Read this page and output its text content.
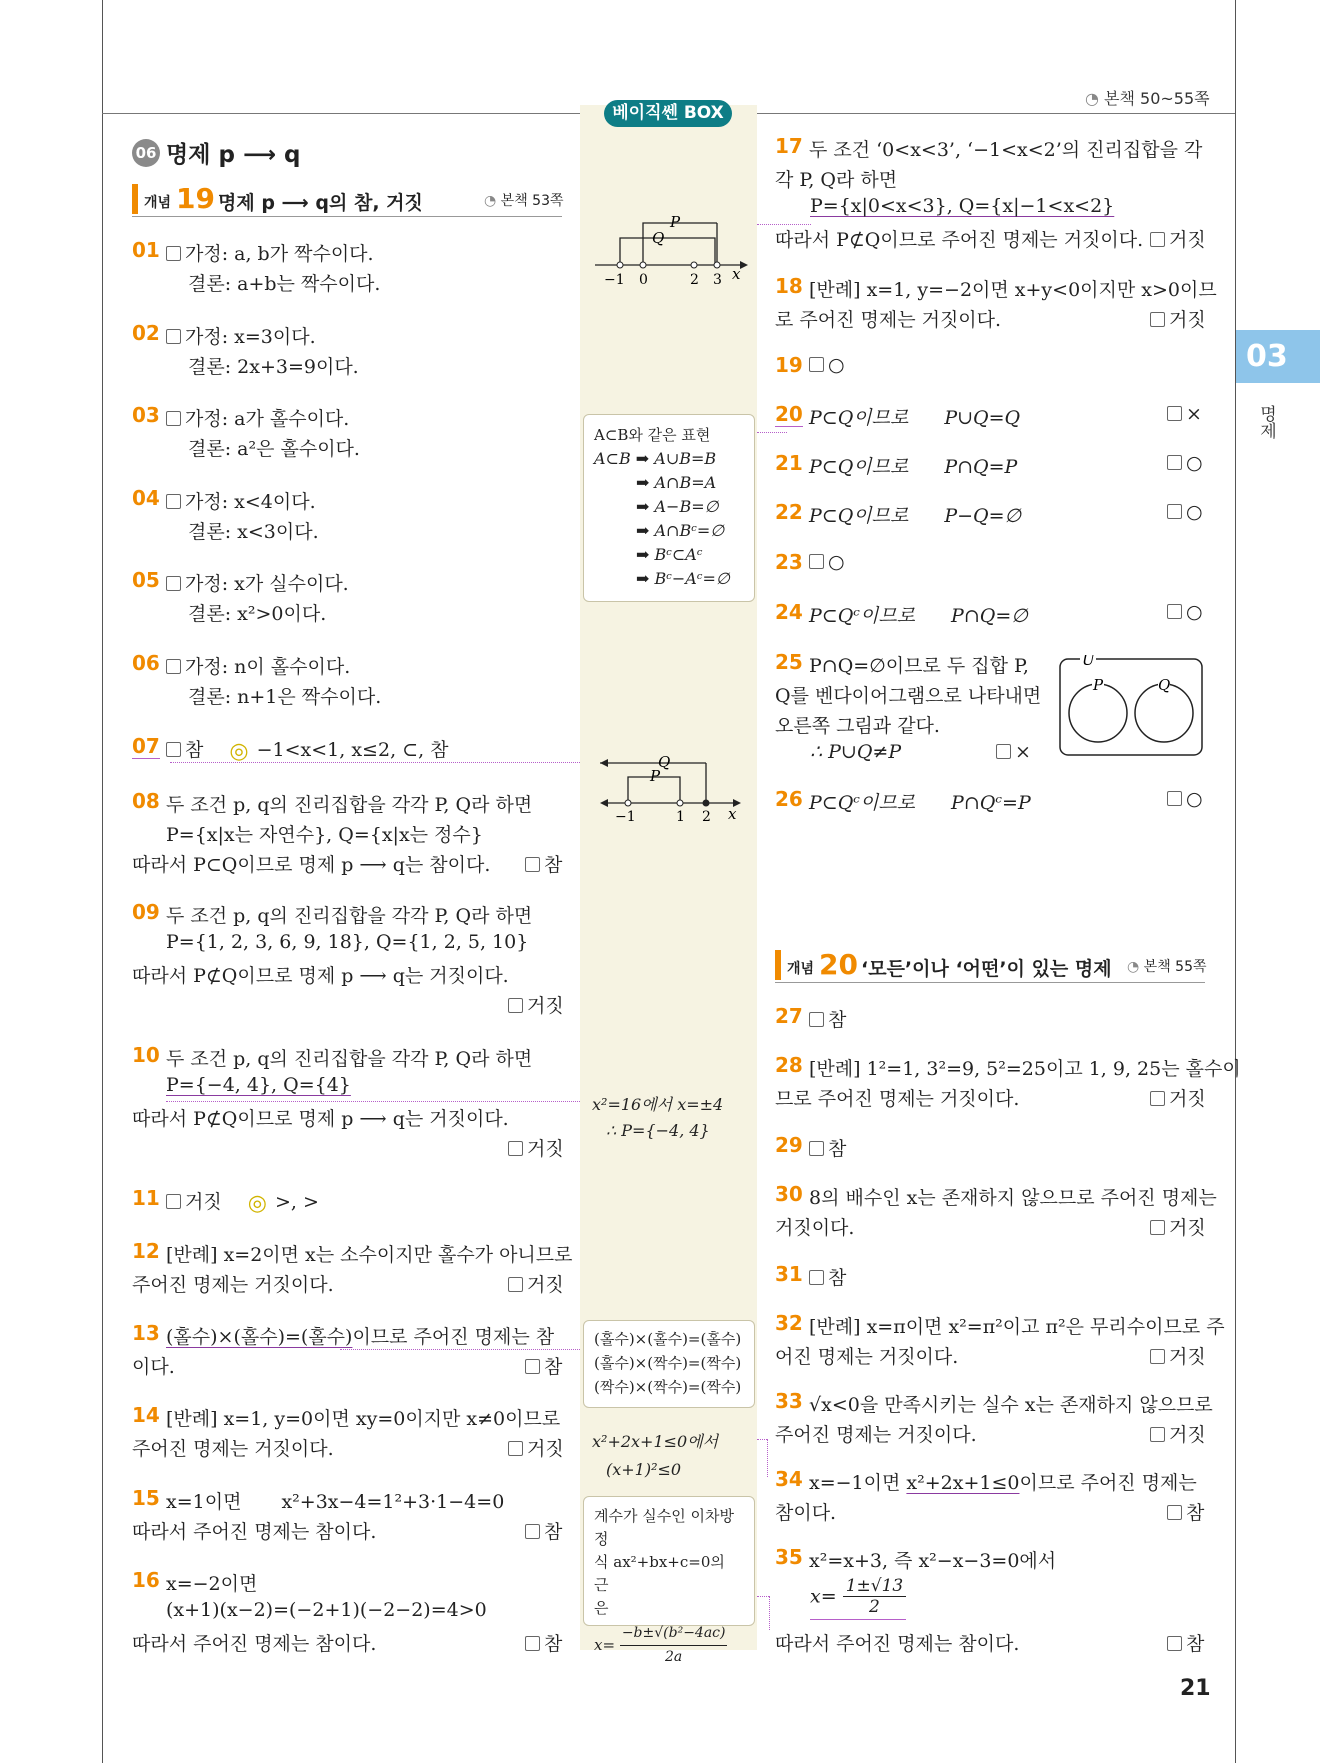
◔ 본책 50~55쪽
베이직쎈 BOX
03
명제
21
06 명제 p ⟶ q
개념 19 명제 p ⟶ q의 참, 거짓	◔ 본책 53쪽
01	가정: a, b가 짝수이다.
결론: a+b는 짝수이다.
02	가정: x=3이다.
결론: 2x+3=9이다.
03	가정: a가 홀수이다.
결론: a²은 홀수이다.
04	가정: x<4이다.
결론: x<3이다.
05	가정: x가 실수이다.
결론: x²>0이다.
06	가정: n이 홀수이다.
결론: n+1은 짝수이다.
07	참 ◎ −1<x<1, x≤2, ⊂, 참
08 두 조건 p, q의 진리집합을 각각 P, Q라 하면
P={x|x는 자연수}, Q={x|x는 정수}
따라서 P⊂Q이므로 명제 p ⟶ q는 참이다.	참
09 두 조건 p, q의 진리집합을 각각 P, Q라 하면
P={1, 2, 3, 6, 9, 18}, Q={1, 2, 5, 10}
따라서 P⊄Q이므로 명제 p ⟶ q는 거짓이다.
거짓
10 두 조건 p, q의 진리집합을 각각 P, Q라 하면
P={−4, 4}, Q={4}
따라서 P⊄Q이므로 명제 p ⟶ q는 거짓이다.
거짓
11	거짓 ◎ >, >
12 [반례] x=2이면 x는 소수이지만 홀수가 아니므로
주어진 명제는 거짓이다.	거짓
13 (홀수)×(홀수)=(홀수)이므로 주어진 명제는 참
이다.	참
14 [반례] x=1, y=0이면 xy=0이지만 x≠0이므로
주어진 명제는 거짓이다.	거짓
15 x=1이면 x²+3x−4=1²+3·1−4=0
따라서 주어진 명제는 참이다.	참
16 x=−2이면
(x+1)(x−2)=(−2+1)(−2−2)=4>0
따라서 주어진 명제는 참이다.	참
P
Q
x
−1 0	2 3
A⊂B와 같은 표현
A⊂B ➡ A∪B=B
➡ A∩B=A
➡ A−B=∅
➡ A∩Bᶜ=∅
➡ Bᶜ⊂Aᶜ
➡ Bᶜ−Aᶜ=∅
Q
P
x
−1	1 2
x²=16에서 x=±4
∴ P={−4, 4}
(홀수)×(홀수)=(홀수)
(홀수)×(짝수)=(짝수)
(짝수)×(짝수)=(짝수)
x²+2x+1≤0에서
(x+1)²≤0
계수가 실수인 이차방정
식 ax²+bx+c=0의 근
은
$x= \frac{\text{−b±√(b²−4ac)}}{2a}$
17 두 조건 ‘0<x<3’, ‘−1<x<2’의 진리집합을 각
각 P, Q라 하면
P={x|0<x<3}, Q={x|−1<x<2}
따라서 P⊄Q이므로 주어진 명제는 거짓이다.	거짓
18 [반례] x=1, y=−2이면 x+y<0이지만 x>0이므
로 주어진 명제는 거짓이다.	거짓
19	○
20 P⊂Q이므로 P∪Q=Q	×
21 P⊂Q이므로 P∩Q=P	○
22 P⊂Q이므로 P−Q=∅	○
23	○
24 P⊂Qᶜ이므로 P∩Q=∅	○
25 P∩Q=∅이므로 두 집합 P,
Q를 벤다이어그램으로 나타내면
오른쪽 그림과 같다.
∴ P∪Q≠P	×
U
P	Q
26 P⊂Qᶜ이므로 P∩Qᶜ=P	○
개념 20 ‘모든’이나 ‘어떤’이 있는 명제 ◔ 본책 55쪽
27	참
28 [반례] 1²=1, 3²=9, 5²=25이고 1, 9, 25는 홀수이
므로 주어진 명제는 거짓이다.	거짓
29	참
30 8의 배수인 x는 존재하지 않으므로 주어진 명제는
거짓이다.	거짓
31	참
32 [반례] x=π이면 x²=π²이고 π²은 무리수이므로 주
어진 명제는 거짓이다.	거짓
33 √x<0을 만족시키는 실수 x는 존재하지 않으므로
주어진 명제는 거짓이다.	거짓
34 x=−1이면 x²+2x+1≤0이므로 주어진 명제는
참이다.	참
35 x²=x+3, 즉 x²−x−3=0에서
$x= \frac{1\pm√13}{2}$
따라서 주어진 명제는 참이다.	참
